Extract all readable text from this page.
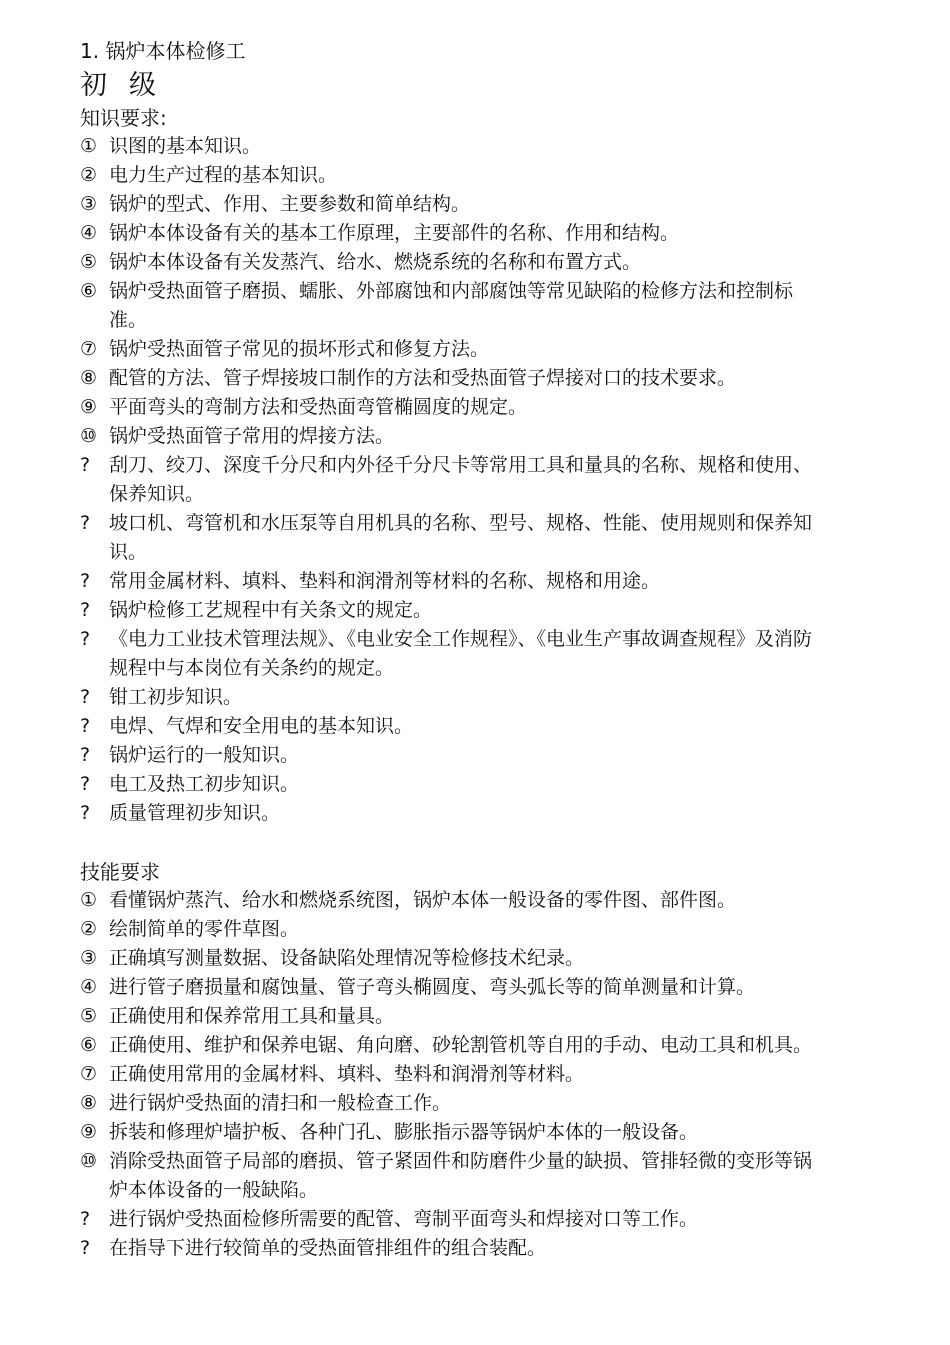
1. 锅炉本体检修工
初级
知识要求:
① 识图的基本知识。
② 电力生产过程的基本知识。
③ 锅炉的型式、作用、主要参数和简单结构。
④ 锅炉本体设备有关的基本工作原理，主要部件的名称、作用和结构。
⑤ 锅炉本体设备有关发蒸汽、给水、燃烧系统的名称和布置方式。
⑥ 锅炉受热面管子磨损、蠕胀、外部腐蚀和内部腐蚀等常见缺陷的检修方法和控制标准。
⑦ 锅炉受热面管子常见的损坏形式和修复方法。
⑧ 配管的方法、管子焊接坡口制作的方法和受热面管子焊接对口的技术要求。
⑨ 平面弯头的弯制方法和受热面弯管椭圆度的规定。
⑩ 锅炉受热面管子常用的焊接方法。
? 刮刀、绞刀、深度千分尺和内外径千分尺卡等常用工具和量具的名称、规格和使用、保养知识。
? 坡口机、弯管机和水压泵等自用机具的名称、型号、规格、性能、使用规则和保养知识。
? 常用金属材料、填料、垫料和润滑剂等材料的名称、规格和用途。
? 锅炉检修工艺规程中有关条文的规定。
? 《电力工业技术管理法规》、《电业安全工作规程》、《电业生产事故调查规程》及消防规程中与本岗位有关条约的规定。
? 钳工初步知识。
? 电焊、气焊和安全用电的基本知识。
? 锅炉运行的一般知识。
? 电工及热工初步知识。
? 质量管理初步知识。
技能要求
① 看懂锅炉蒸汽、给水和燃烧系统图，锅炉本体一般设备的零件图、部件图。
② 绘制简单的零件草图。
③ 正确填写测量数据、设备缺陷处理情况等检修技术纪录。
④ 进行管子磨损量和腐蚀量、管子弯头椭圆度、弯头弧长等的简单测量和计算。
⑤ 正确使用和保养常用工具和量具。
⑥ 正确使用、维护和保养电锯、角向磨、砂轮割管机等自用的手动、电动工具和机具。
⑦ 正确使用常用的金属材料、填料、垫料和润滑剂等材料。
⑧ 进行锅炉受热面的清扫和一般检查工作。
⑨ 拆装和修理炉墙护板、各种门孔、膨胀指示器等锅炉本体的一般设备。
⑩ 消除受热面管子局部的磨损、管子紧固件和防磨件少量的缺损、管排轻微的变形等锅炉本体设备的一般缺陷。
? 进行锅炉受热面检修所需要的配管、弯制平面弯头和焊接对口等工作。
? 在指导下进行较简单的受热面管排组件的组合装配。
